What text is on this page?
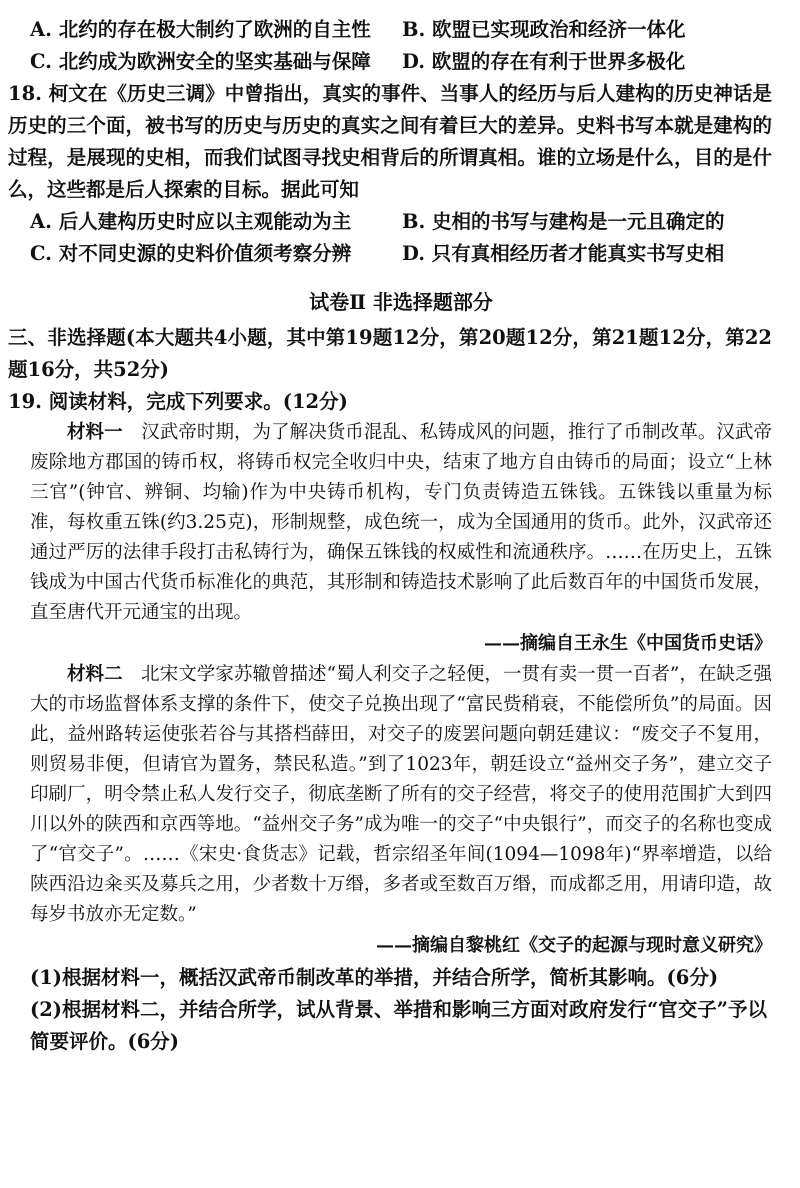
A. 北约的存在极大制约了欧洲的自主性	B. 欧盟已实现政治和经济一体化
C. 北约成为欧洲安全的坚实基础与保障	D. 欧盟的存在有利于世界多极化
18. 柯文在《历史三调》中曾指出，真实的事件、当事人的经历与后人建构的历史神话是历史的三个面，被书写的历史与历史的真实之间有着巨大的差异。史料书写本就是建构的过程，是展现的史相，而我们试图寻找史相背后的所谓真相。谁的立场是什么，目的是什么，这些都是后人探索的目标。据此可知
A. 后人建构历史时应以主观能动为主	B. 史相的书写与建构是一元且确定的
C. 对不同史源的史料价值须考察分辨	D. 只有真相经历者才能真实书写史相
试卷Ⅱ 非选择题部分
三、非选择题(本大题共4小题，其中第19题12分，第20题12分，第21题12分，第22题16分，共52分)
19. 阅读材料，完成下列要求。(12分)
材料一　汉武帝时期，为了解决货币混乱、私铸成风的问题，推行了币制改革。汉武帝废除地方郡国的铸币权，将铸币权完全收归中央，结束了地方自由铸币的局面；设立“上林三官”(钟官、辨铜、均输)作为中央铸币机构，专门负责铸造五铢钱。五铢钱以重量为标准，每枚重五铢(约3.25克)，形制规整，成色统一，成为全国通用的货币。此外，汉武帝还通过严厉的法律手段打击私铸行为，确保五铢钱的权威性和流通秩序。……在历史上，五铢钱成为中国古代货币标准化的典范，其形制和铸造技术影响了此后数百年的中国货币发展，直至唐代开元通宝的出现。
——摘编自王永生《中国货币史话》
材料二　北宋文学家苏辙曾描述“蜀人利交子之轻便，一贯有卖一贯一百者”，在缺乏强大的市场监督体系支撑的条件下，使交子兑换出现了“富民赀稍衰，不能偿所负”的局面。因此，益州路转运使张若谷与其搭档薛田，对交子的废罢问题向朝廷建议：“废交子不复用，则贸易非便，但请官为置务，禁民私造。”到了1023年，朝廷设立“益州交子务”，建立交子印刷厂，明令禁止私人发行交子，彻底垄断了所有的交子经营，将交子的使用范围扩大到四川以外的陕西和京西等地。“益州交子务”成为唯一的交子“中央银行”，而交子的名称也变成了“官交子”。……《宋史·食货志》记载，哲宗绍圣年间(1094—1098年)“界率增造，以给陕西沿边籴买及募兵之用，少者数十万缗，多者或至数百万缗，而成都乏用，用请印造，故每岁书放亦无定数。”
——摘编自黎桃红《交子的起源与现时意义研究》
(1)根据材料一，概括汉武帝币制改革的举措，并结合所学，简析其影响。(6分)
(2)根据材料二，并结合所学，试从背景、举措和影响三方面对政府发行“官交子”予以简要评价。(6分)
